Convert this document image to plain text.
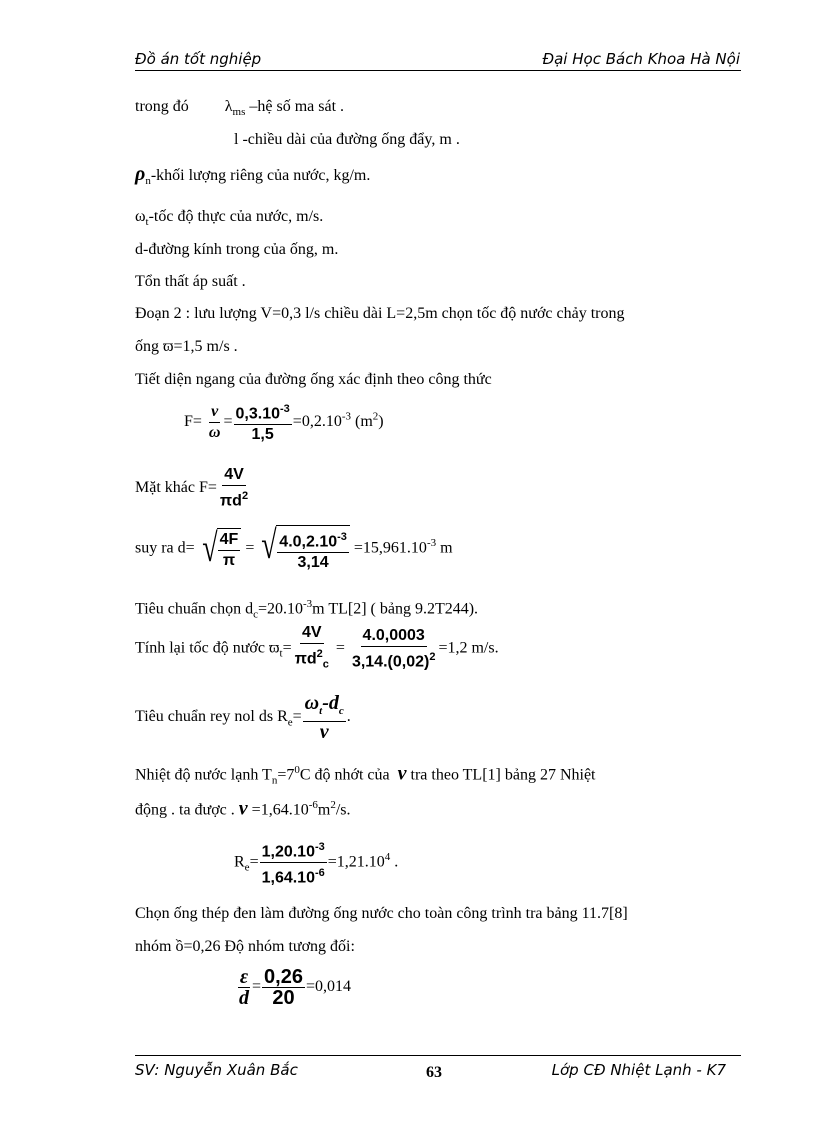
Đồ án tốt nghiệp	Đại Học Bách Khoa Hà Nội
trong đó $\lambda_{ms}$ –hệ số ma sát .
l -chiều dài của đường ống đẩy, m .
$\rho_n$-khối lượng riêng của nước, kg/m.
$\omega_t$-tốc độ thực của nước, m/s.
d-đường kính trong của ống, m.
Tổn thất áp suất .
Đoạn 2 : lưu lượng V=0,3 l/s chiều dài L=2,5m chọn tốc độ nước chảy trong
ống ϖ=1,5 m/s .
Tiết diện ngang của đường ống xác định theo công thức
$F= \frac{\nu}{\omega} = \frac{0,3.10^{-3}}{1,5} =0,2.10^{-3}$ $(m^2)$
Mặt khác $F= \frac{4V}{\pi d^2}$
suy ra d= √ $\frac{4F}{\pi}$ = √ $\frac{4.0,2.10^{-3}}{3,14} =15,961.10^{-3}$ m
Tiêu chuẩn chọn $d_c=20.10^{-3}m$ TL[2] ( bảng 9.2T244).
Tính lại tốc độ nước $ϖ_t= \frac{4V}{\pi d^2_c} = \frac{4.0,0003}{3,14.(0,02)^2} =1,2$ m/s.
Tiêu chuẩn rey nol ds $R_e= \frac{\omega_t-d_c}{\nu}$ .
Nhiệt độ nước lạnh $T_n=7^0C$ độ nhớt của ν tra theo TL[1] bảng 27 Nhiệt
động . ta được . $\nu =1,64.10^{-6}m^2/s$.
$R_e= \frac{1,20.10^{-3}}{1,64.10^{-6}} =1,21.10^4$ .
Chọn ống thép đen làm đường ống nước cho toàn công trình tra bảng 11.7[8]
nhóm ồ=0,26 Độ nhóm tương đối:
$\frac{\varepsilon}{d} = \frac{0,26}{20} =0,014$
SV: Nguyễn Xuân Bắc	63	Lớp CĐ Nhiệt Lạnh - K7
